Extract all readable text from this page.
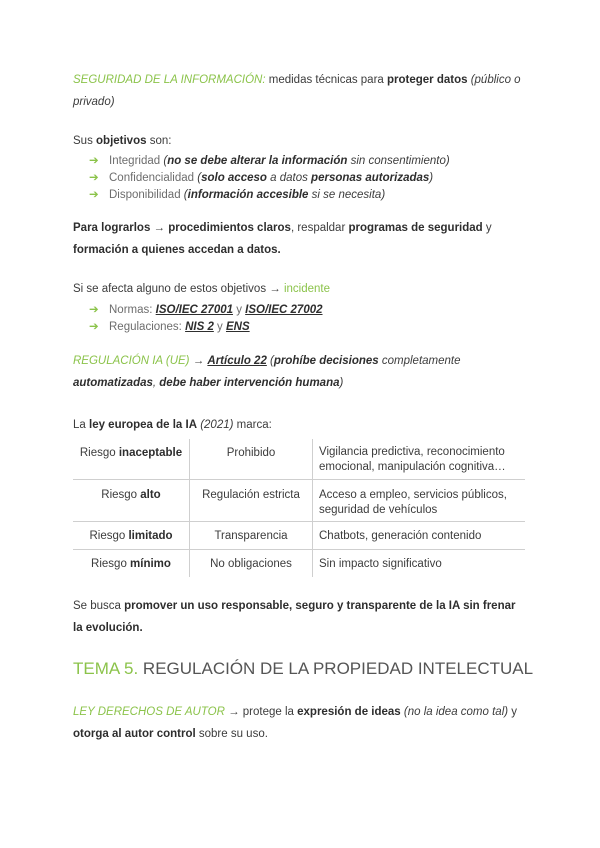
SEGURIDAD DE LA INFORMACIÓN: medidas técnicas para proteger datos (público o privado)
Sus objetivos son:
➔ Integridad (no se debe alterar la información sin consentimiento)
➔ Confidencialidad (solo acceso a datos personas autorizadas)
➔ Disponibilidad (información accesible si se necesita)
Para lograrlos → procedimientos claros, respaldar programas de seguridad y formación a quienes accedan a datos.
Si se afecta alguno de estos objetivos → incidente
➔ Normas: ISO/IEC 27001 y ISO/IEC 27002
➔ Regulaciones: NIS 2 y ENS
REGULACIÓN IA (UE) → Artículo 22 (prohíbe decisiones completamente automatizadas, debe haber intervención humana)
La ley europea de la IA (2021) marca:
Riesgo inaceptable	Prohibido	Vigilancia predictiva, reconocimiento emocional, manipulación cognitiva…
Riesgo alto	Regulación estricta	Acceso a empleo, servicios públicos, seguridad de vehículos
Riesgo limitado	Transparencia	Chatbots, generación contenido
Riesgo mínimo	No obligaciones	Sin impacto significativo
Se busca promover un uso responsable, seguro y transparente de la IA sin frenar la evolución.
TEMA 5. REGULACIÓN DE LA PROPIEDAD INTELECTUAL
LEY DERECHOS DE AUTOR → protege la expresión de ideas (no la idea como tal) y otorga al autor control sobre su uso.
